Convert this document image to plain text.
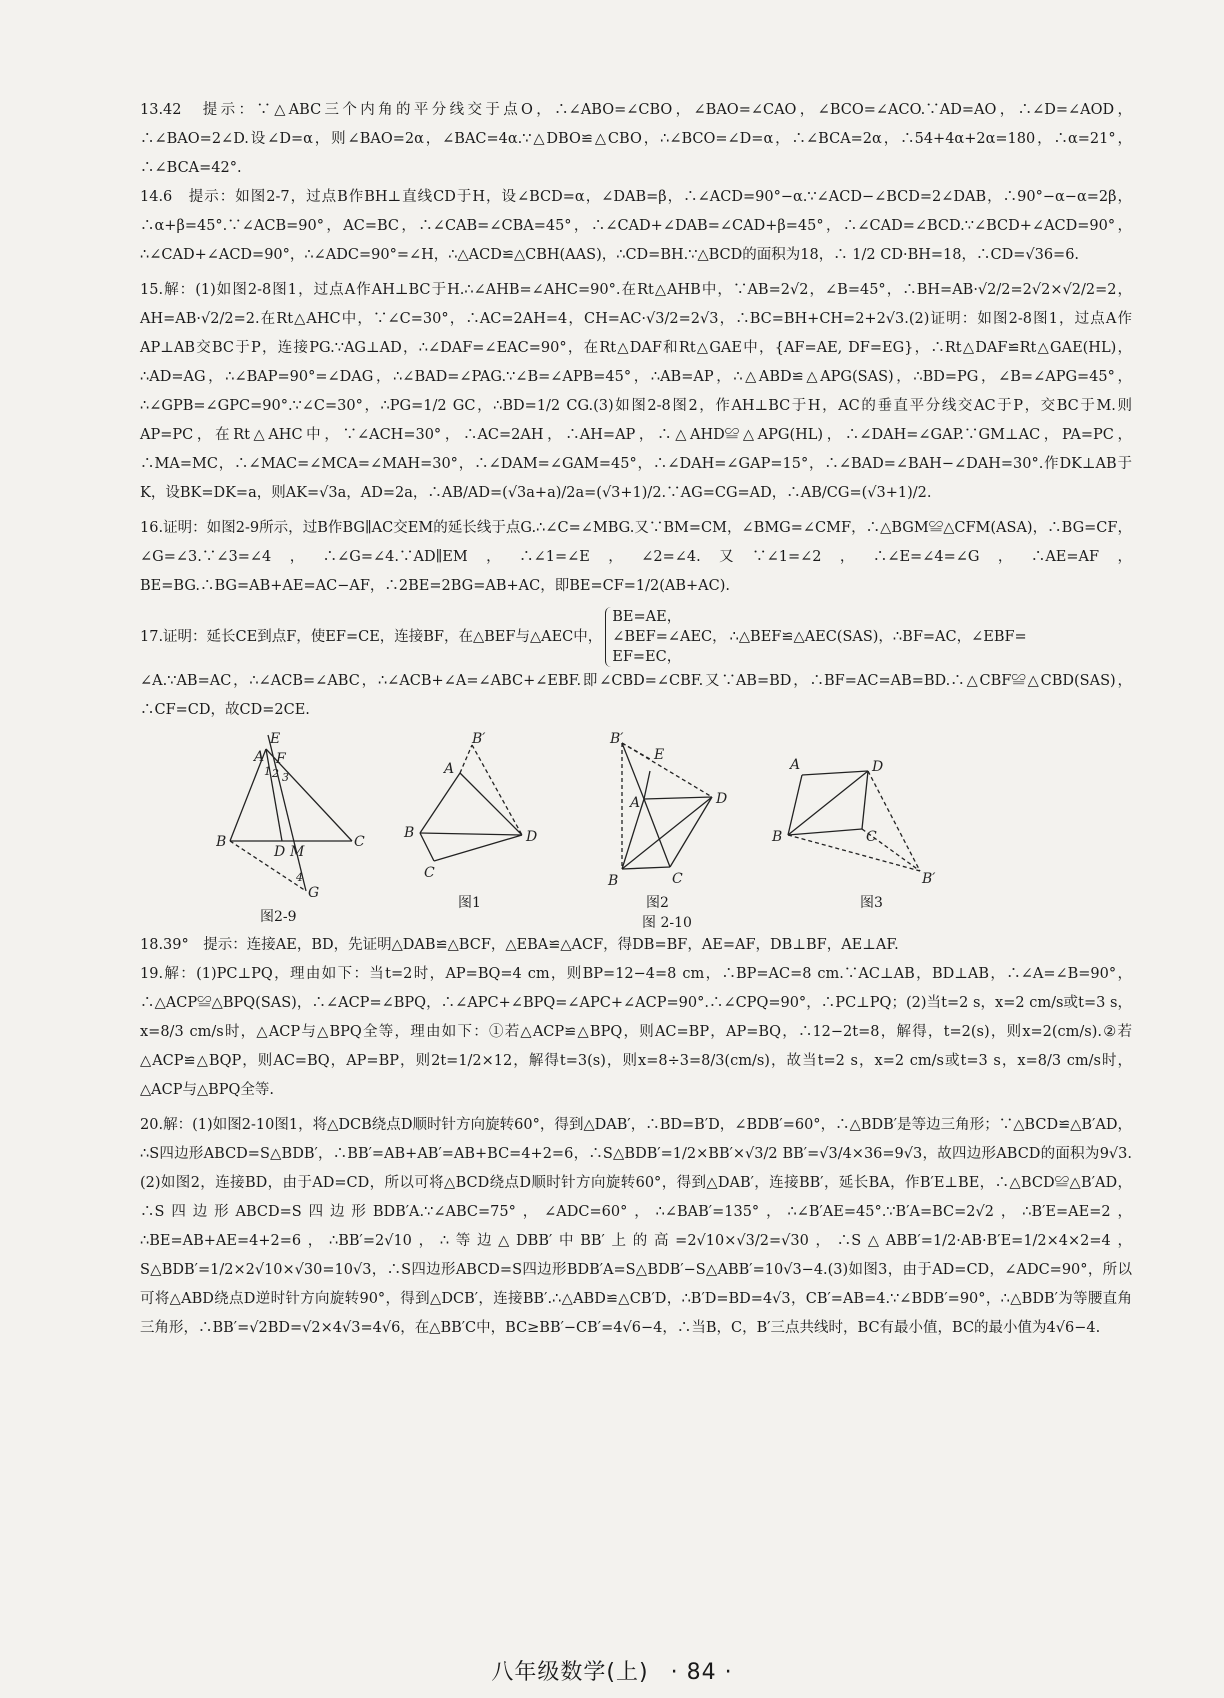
13.42　提示：∵△ABC三个内角的平分线交于点O，∴∠ABO=∠CBO，∠BAO=∠CAO，∠BCO=∠ACO.∵AD=AO，∴∠D=∠AOD，∴∠BAO=2∠D.设∠D=α，则∠BAO=2α，∠BAC=4α.∵△DBO≌△CBO，∴∠BCO=∠D=α，∴∠BCA=2α，∴54+4α+2α=180，∴α=21°，∴∠BCA=42°.

14.6　提示：如图2-7，过点B作BH⊥直线CD于H，设∠BCD=α，∠DAB=β，∴∠ACD=90°−α.∵∠ACD−∠BCD=2∠DAB，∴90°−α−α=2β，∴α+β=45°.∵∠ACB=90°，AC=BC，∴∠CAB=∠CBA=45°，∴∠CAD+∠DAB=∠CAD+β=45°，∴∠CAD=∠BCD.∵∠BCD+∠ACD=90°，∴∠CAD+∠ACD=90°，∴∠ADC=90°=∠H，∴△ACD≌△CBH(AAS)，∴CD=BH.∵△BCD的面积为18，∴ 1/2 CD·BH=18，∴CD=√36=6.

15.解：(1)如图2-8图1，过点A作AH⊥BC于H.∴∠AHB=∠AHC=90°.在Rt△AHB中，∵AB=2√2，∠B=45°，∴BH=AB·√2/2=2√2×√2/2=2，AH=AB·√2/2=2.在Rt△AHC中，∵∠C=30°，∴AC=2AH=4，CH=AC·√3/2=2√3，∴BC=BH+CH=2+2√3.(2)证明：如图2-8图1，过点A作AP⊥AB交BC于P，连接PG.∵AG⊥AD，∴∠DAF=∠EAC=90°，在Rt△DAF和Rt△GAE中，{AF=AE, DF=EG}，∴Rt△DAF≌Rt△GAE(HL)，∴AD=AG，∴∠BAP=90°=∠DAG，∴∠BAD=∠PAG.∵∠B=∠APB=45°，∴AB=AP，∴△ABD≌△APG(SAS)，∴BD=PG，∠B=∠APG=45°，∴∠GPB=∠GPC=90°.∵∠C=30°，∴PG=1/2 GC，∴BD=1/2 CG.(3)如图2-8图2，作AH⊥BC于H，AC的垂直平分线交AC于P，交BC于M.则AP=PC，在Rt△AHC中，∵∠ACH=30°，∴AC=2AH，∴AH=AP，∴△AHD≌△APG(HL)，∴∠DAH=∠GAP.∵GM⊥AC，PA=PC，∴MA=MC，∴∠MAC=∠MCA=∠MAH=30°，∴∠DAM=∠GAM=45°，∴∠DAH=∠GAP=15°，∴∠BAD=∠BAH−∠DAH=30°.作DK⊥AB于K，设BK=DK=a，则AK=√3a，AD=2a，∴AB/AD=(√3a+a)/2a=(√3+1)/2.∵AG=CG=AD，∴AB/CG=(√3+1)/2.

16.证明：如图2-9所示，过B作BG∥AC交EM的延长线于点G.∴∠C=∠MBG.又∵BM=CM，∠BMG=∠CMF，∴△BGM≌△CFM(ASA)，∴BG=CF，∠G=∠3.∵∠3=∠4，∴∠G=∠4.∵AD∥EM，∴∠1=∠E，∠2=∠4.又∵∠1=∠2，∴∠E=∠4=∠G，∴AE=AF，BE=BG.∴BG=AB+AE=AC−AF，∴2BE=2BG=AB+AC，即BE=CF=1/2(AB+AC).

17.证明：延长CE到点F，使EF=CE，连接BF，在△BEF与△AEC中，BE=AE，
∠BEF=∠AEC，
EF=EC，∴△BEF≌△AEC(SAS)，∴BF=AC，∠EBF=

∠A.∵AB=AC，∴∠ACB=∠ABC，∴∠ACB+∠A=∠ABC+∠EBF.即∠CBD=∠CBF.又∵AB=BD，∴BF=AC=AB=BD.∴△CBF≌△CBD(SAS)，∴CF=CD，故CD=2CE.

E
A F
1 2 3
4
B
D M
C
G
图2-9
B′
A
B
C
D
图1
B′
E
A	D
B	C
图2
A	D
B	C
B′
图3
图 2-10

18.39°　提示：连接AE，BD，先证明△DAB≌△BCF，△EBA≌△ACF，得DB=BF，AE=AF，DB⊥BF，AE⊥AF.

19.解：(1)PC⊥PQ，理由如下：当t=2时，AP=BQ=4 cm，则BP=12−4=8 cm，∴BP=AC=8 cm.∵AC⊥AB，BD⊥AB，∴∠A=∠B=90°，∴△ACP≌△BPQ(SAS)，∴∠ACP=∠BPQ，∴∠APC+∠BPQ=∠APC+∠ACP=90°.∴∠CPQ=90°，∴PC⊥PQ；(2)当t=2 s，x=2 cm/s或t=3 s，x=8/3 cm/s时，△ACP与△BPQ全等，理由如下：①若△ACP≌△BPQ，则AC=BP，AP=BQ，∴12−2t=8，解得，t=2(s)，则x=2(cm/s).②若△ACP≌△BQP，则AC=BQ，AP=BP，则2t=1/2×12，解得t=3(s)，则x=8÷3=8/3(cm/s)，故当t=2 s，x=2 cm/s或t=3 s，x=8/3 cm/s时，△ACP与△BPQ全等.

20.解：(1)如图2-10图1，将△DCB绕点D顺时针方向旋转60°，得到△DAB′，∴BD=B′D，∠BDB′=60°，∴△BDB′是等边三角形；∵△BCD≌△B′AD，∴S四边形ABCD=S△BDB′，∴BB′=AB+AB′=AB+BC=4+2=6，∴S△BDB′=1/2×BB′×√3/2 BB′=√3/4×36=9√3，故四边形ABCD的面积为9√3.(2)如图2，连接BD，由于AD=CD，所以可将△BCD绕点D顺时针方向旋转60°，得到△DAB′，连接BB′，延长BA，作B′E⊥BE，∴△BCD≌△B′AD，∴S四边形ABCD=S四边形BDB′A.∵∠ABC=75°，∠ADC=60°，∴∠BAB′=135°，∴∠B′AE=45°.∵B′A=BC=2√2，∴B′E=AE=2，∴BE=AB+AE=4+2=6，∴BB′=2√10，∴等边△DBB′中BB′上的高=2√10×√3/2=√30，∴S△ABB′=1/2·AB·B′E=1/2×4×2=4，S△BDB′=1/2×2√10×√30=10√3，∴S四边形ABCD=S四边形BDB′A=S△BDB′−S△ABB′=10√3−4.(3)如图3，由于AD=CD，∠ADC=90°，所以可将△ABD绕点D逆时针方向旋转90°，得到△DCB′，连接BB′.∴△ABD≌△CB′D，∴B′D=BD=4√3，CB′=AB=4.∵∠BDB′=90°，∴△BDB′为等腰直角三角形，∴BB′=√2BD=√2×4√3=4√6，在△BB′C中，BC≥BB′−CB′=4√6−4，∴当B，C，B′三点共线时，BC有最小值，BC的最小值为4√6−4.

八年级数学(上) · 84 ·
